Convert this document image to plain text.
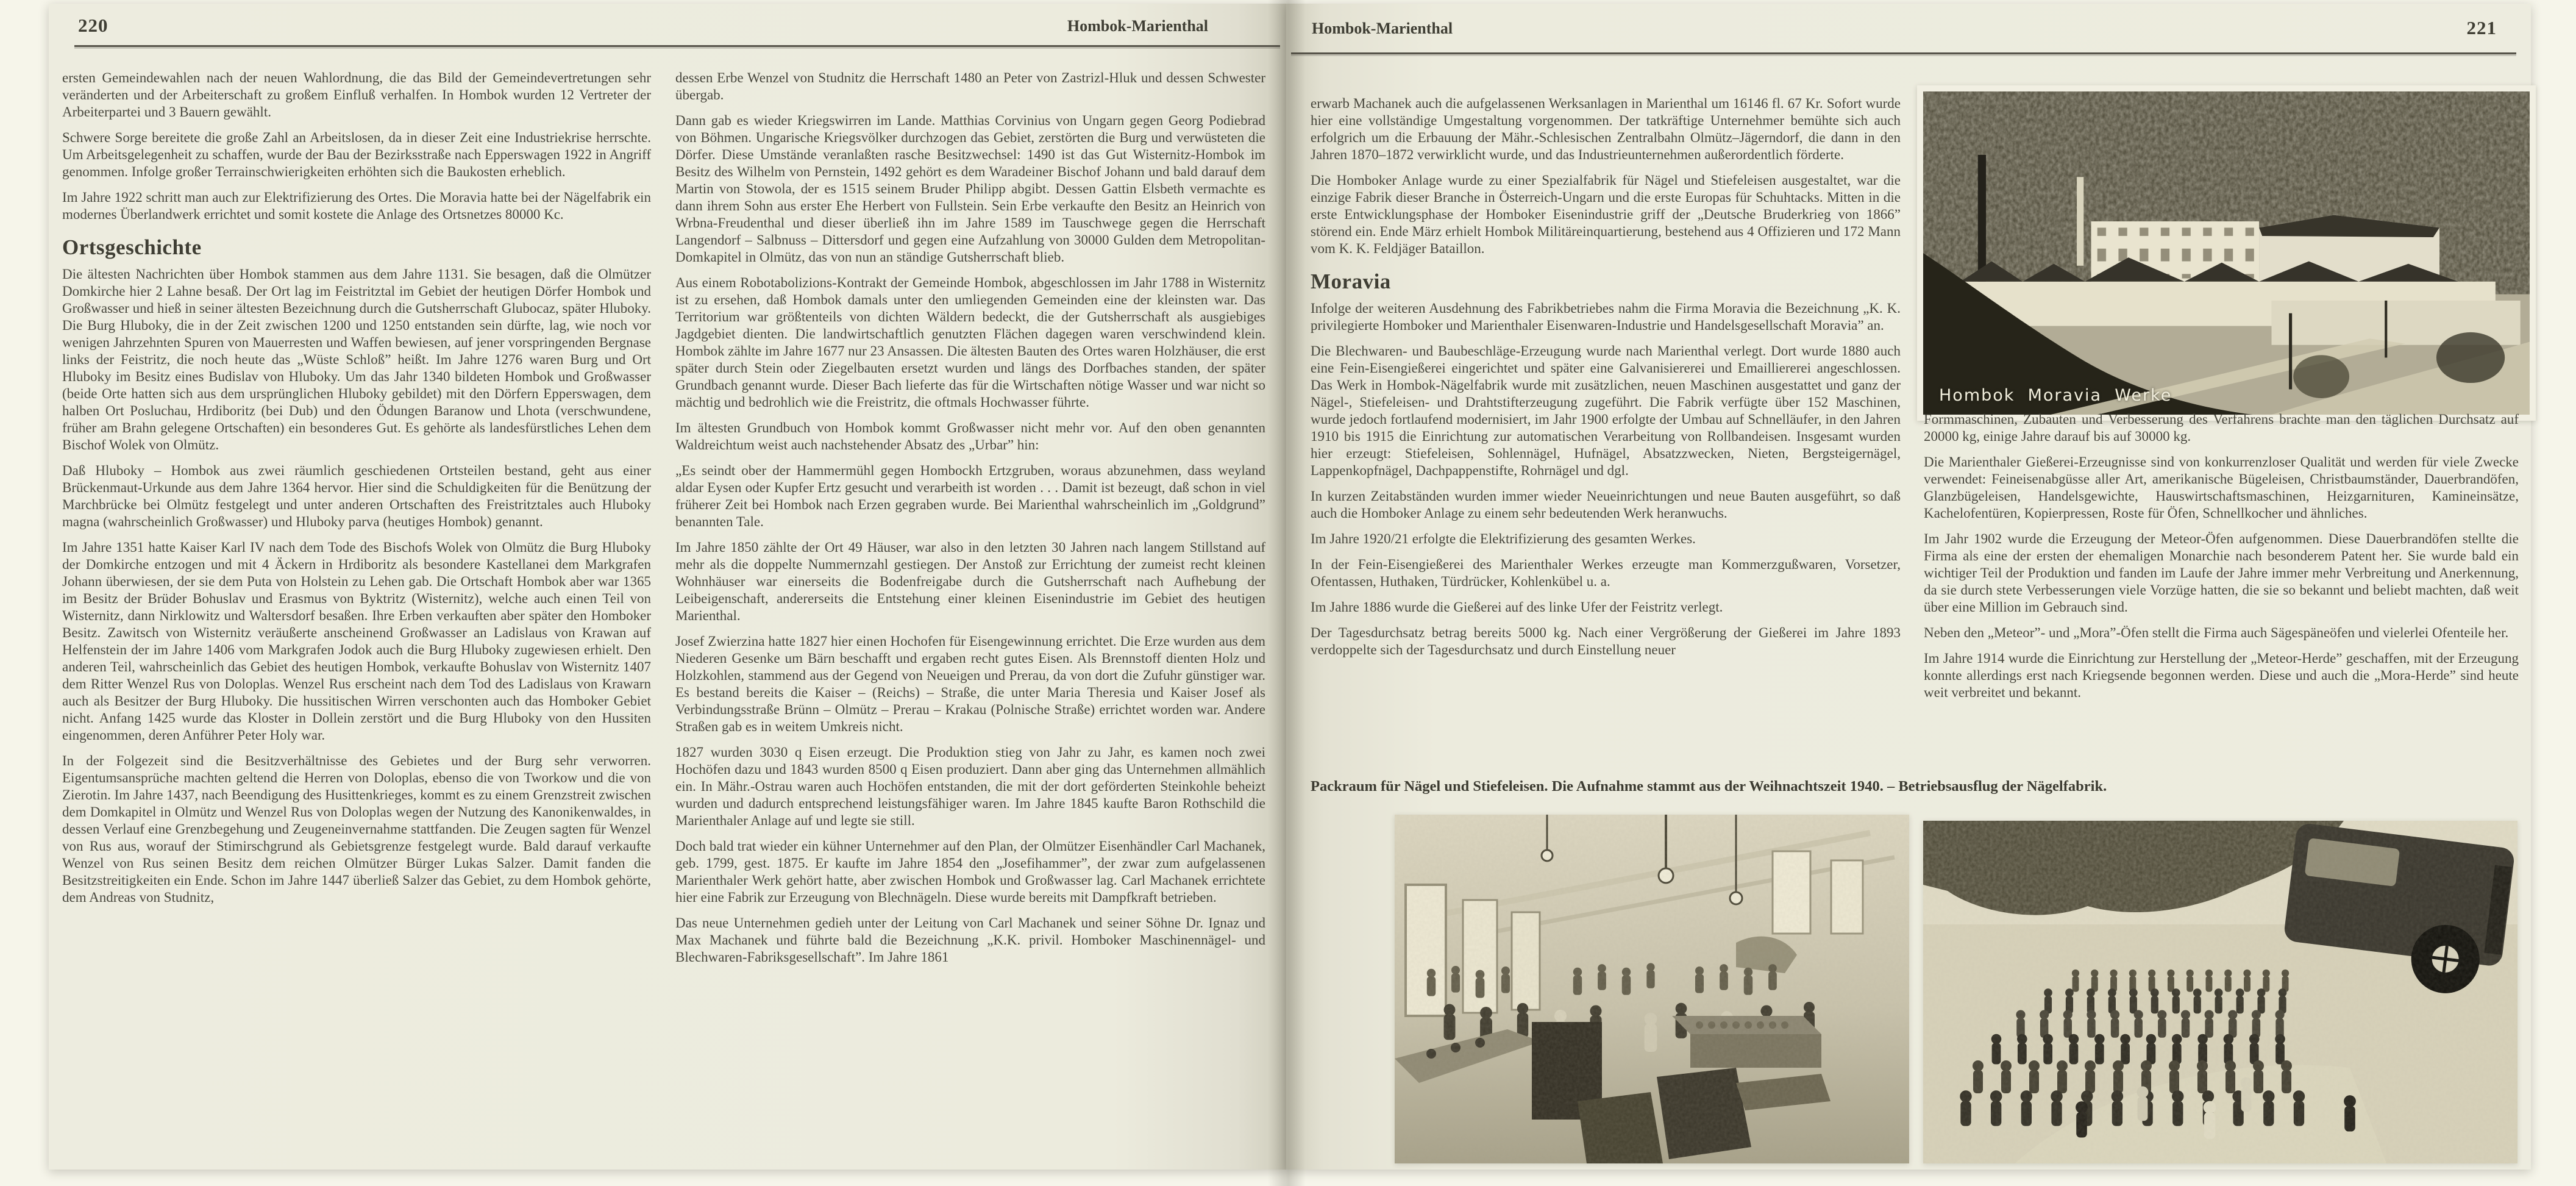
220	Hombok-Marienthal

ersten Gemeindewahlen nach der neuen Wahlordnung, die das Bild der Gemeindevertretungen sehr veränderten und der Arbeiterschaft zu großem Einfluß verhalfen. In Hombok wurden 12 Vertreter der Arbeiterpartei und 3 Bauern gewählt.

Schwere Sorge bereitete die große Zahl an Arbeitslosen, da in dieser Zeit eine Industriekrise herrschte. Um Arbeitsgelegenheit zu schaffen, wurde der Bau der Bezirksstraße nach Epperswagen 1922 in Angriff genommen. Infolge großer Terrainschwierigkeiten erhöhten sich die Baukosten erheblich.

Im Jahre 1922 schritt man auch zur Elektrifizierung des Ortes. Die Moravia hatte bei der Nägelfabrik ein modernes Überlandwerk errichtet und somit kostete die Anlage des Ortsnetzes 80000 Kc.

Ortsgeschichte

Die ältesten Nachrichten über Hombok stammen aus dem Jahre 1131. Sie besagen, daß die Olmützer Domkirche hier 2 Lahne besaß. Der Ort lag im Feistritztal im Gebiet der heutigen Dörfer Hombok und Großwasser und hieß in seiner ältesten Bezeichnung durch die Gutsherrschaft Glubocaz, später Hluboky. Die Burg Hluboky, die in der Zeit zwischen 1200 und 1250 entstanden sein dürfte, lag, wie noch vor wenigen Jahrzehnten Spuren von Mauerresten und Waffen bewiesen, auf jener vorspringenden Bergnase links der Feistritz, die noch heute das „Wüste Schloß” heißt. Im Jahre 1276 waren Burg und Ort Hluboky im Besitz eines Budislav von Hluboky. Um das Jahr 1340 bildeten Hombok und Großwasser (beide Orte hatten sich aus dem ursprünglichen Hluboky gebildet) mit den Dörfern Epperswagen, dem halben Ort Posluchau, Hrdiboritz (bei Dub) und den Ödungen Baranow und Lhota (verschwundene, früher am Brahn gelegene Ortschaften) ein besonderes Gut. Es gehörte als landesfürstliches Lehen dem Bischof Wolek von Olmütz.

Daß Hluboky – Hombok aus zwei räumlich geschiedenen Ortsteilen bestand, geht aus einer Brückenmaut-Urkunde aus dem Jahre 1364 hervor. Hier sind die Schuldigkeiten für die Benützung der Marchbrücke bei Olmütz festgelegt und unter anderen Ortschaften des Freistritztales auch Hluboky magna (wahrscheinlich Großwasser) und Hluboky parva (heutiges Hombok) genannt.

Im Jahre 1351 hatte Kaiser Karl IV nach dem Tode des Bischofs Wolek von Olmütz die Burg Hluboky der Domkirche entzogen und mit 4 Äckern in Hrdiboritz als besondere Kastellanei dem Markgrafen Johann überwiesen, der sie dem Puta von Holstein zu Lehen gab. Die Ortschaft Hombok aber war 1365 im Besitz der Brüder Bohuslav und Erasmus von Byktritz (Wisternitz), welche auch einen Teil von Wisternitz, dann Nirklowitz und Waltersdorf besaßen. Ihre Erben verkauften aber später den Homboker Besitz. Zawitsch von Wisternitz veräußerte anscheinend Großwasser an Ladislaus von Krawan auf Helfenstein der im Jahre 1406 vom Markgrafen Jodok auch die Burg Hluboky zugewiesen erhielt. Den anderen Teil, wahrscheinlich das Gebiet des heutigen Hombok, verkaufte Bohuslav von Wisternitz 1407 dem Ritter Wenzel Rus von Doloplas. Wenzel Rus erscheint nach dem Tod des Ladislaus von Krawarn auch als Besitzer der Burg Hluboky. Die hussitischen Wirren verschonten auch das Homboker Gebiet nicht. Anfang 1425 wurde das Kloster in Dollein zerstört und die Burg Hluboky von den Hussiten eingenommen, deren Anführer Peter Holy war.

In der Folgezeit sind die Besitzverhältnisse des Gebietes und der Burg sehr verworren. Eigentumsansprüche machten geltend die Herren von Doloplas, ebenso die von Tworkow und die von Zierotin. Im Jahre 1437, nach Beendigung des Husittenkrieges, kommt es zu einem Grenzstreit zwischen dem Domkapitel in Olmütz und Wenzel Rus von Doloplas wegen der Nutzung des Kanonikenwaldes, in dessen Verlauf eine Grenzbegehung und Zeugeneinvernahme stattfanden. Die Zeugen sagten für Wenzel von Rus aus, worauf der Stimirschgrund als Gebietsgrenze festgelegt wurde. Bald darauf verkaufte Wenzel von Rus seinen Besitz dem reichen Olmützer Bürger Lukas Salzer. Damit fanden die Besitzstreitigkeiten ein Ende. Schon im Jahre 1447 überließ Salzer das Gebiet, zu dem Hombok gehörte, dem Andreas von Studnitz,

dessen Erbe Wenzel von Studnitz die Herrschaft 1480 an Peter von Zastrizl-Hluk und dessen Schwester übergab.

Dann gab es wieder Kriegswirren im Lande. Matthias Corvinius von Ungarn gegen Georg Podiebrad von Böhmen. Ungarische Kriegsvölker durchzogen das Gebiet, zerstörten die Burg und verwüsteten die Dörfer. Diese Umstände veranlaßten rasche Besitzwechsel: 1490 ist das Gut Wisternitz-Hombok im Besitz des Wilhelm von Pernstein, 1492 gehört es dem Waradeiner Bischof Johann und bald darauf dem Martin von Stowola, der es 1515 seinem Bruder Philipp abgibt. Dessen Gattin Elsbeth vermachte es dann ihrem Sohn aus erster Ehe Herbert von Fullstein. Sein Erbe verkaufte den Besitz an Heinrich von Wrbna-Freudenthal und dieser überließ ihn im Jahre 1589 im Tauschwege gegen die Herrschaft Langendorf – Salbnuss – Dittersdorf und gegen eine Aufzahlung von 30000 Gulden dem Metropolitan-Domkapitel in Olmütz, das von nun an ständige Gutsherrschaft blieb.

Aus einem Robotabolizions-Kontrakt der Gemeinde Hombok, abgeschlossen im Jahr 1788 in Wisternitz ist zu ersehen, daß Hombok damals unter den umliegenden Gemeinden eine der kleinsten war. Das Territorium war größtenteils von dichten Wäldern bedeckt, die der Gutsherrschaft als ausgiebiges Jagdgebiet dienten. Die landwirtschaftlich genutzten Flächen dagegen waren verschwindend klein. Hombok zählte im Jahre 1677 nur 23 Ansassen. Die ältesten Bauten des Ortes waren Holzhäuser, die erst später durch Stein oder Ziegelbauten ersetzt wurden und längs des Dorfbaches standen, der später Grundbach genannt wurde. Dieser Bach lieferte das für die Wirtschaften nötige Wasser und war nicht so mächtig und bedrohlich wie die Freistritz, die oftmals Hochwasser führte.

Im ältesten Grundbuch von Hombok kommt Großwasser nicht mehr vor. Auf den oben genannten Waldreichtum weist auch nachstehender Absatz des „Urbar” hin:

„Es seindt ober der Hammermühl gegen Hombockh Ertzgruben, woraus abzunehmen, dass weyland aldar Eysen oder Kupfer Ertz gesucht und verarbeith ist worden . . . Damit ist bezeugt, daß schon in viel früherer Zeit bei Hombok nach Erzen gegraben wurde. Bei Marienthal wahrscheinlich im „Goldgrund” benannten Tale.

Im Jahre 1850 zählte der Ort 49 Häuser, war also in den letzten 30 Jahren nach langem Stillstand auf mehr als die doppelte Nummernzahl gestiegen. Der Anstoß zur Errichtung der zumeist recht kleinen Wohnhäuser war einerseits die Bodenfreigabe durch die Gutsherrschaft nach Aufhebung der Leibeigenschaft, andererseits die Entstehung einer kleinen Eisenindustrie im Gebiet des heutigen Marienthal.

Josef Zwierzina hatte 1827 hier einen Hochofen für Eisengewinnung errichtet. Die Erze wurden aus dem Niederen Gesenke um Bärn beschafft und ergaben recht gutes Eisen. Als Brennstoff dienten Holz und Holzkohlen, stammend aus der Gegend von Neueigen und Prerau, da von dort die Zufuhr günstiger war. Es bestand bereits die Kaiser – (Reichs) – Straße, die unter Maria Theresia und Kaiser Josef als Verbindungsstraße Brünn – Olmütz – Prerau – Krakau (Polnische Straße) errichtet worden war. Andere Straßen gab es in weitem Umkreis nicht.

1827 wurden 3030 q Eisen erzeugt. Die Produktion stieg von Jahr zu Jahr, es kamen noch zwei Hochöfen dazu und 1843 wurden 8500 q Eisen produziert. Dann aber ging das Unternehmen allmählich ein. In Mähr.-Ostrau waren auch Hochöfen entstanden, die mit der dort geförderten Steinkohle beheizt wurden und dadurch entsprechend leistungsfähiger waren. Im Jahre 1845 kaufte Baron Rothschild die Marienthaler Anlage auf und legte sie still.

Doch bald trat wieder ein kühner Unternehmer auf den Plan, der Olmützer Eisenhändler Carl Machanek, geb. 1799, gest. 1875. Er kaufte im Jahre 1854 den „Josefihammer”, der zwar zum aufgelassenen Marienthaler Werk gehört hatte, aber zwischen Hombok und Großwasser lag. Carl Machanek errichtete hier eine Fabrik zur Erzeugung von Blechnägeln. Diese wurde bereits mit Dampfkraft betrieben.

Das neue Unternehmen gedieh unter der Leitung von Carl Machanek und seiner Söhne Dr. Ignaz und Max Machanek und führte bald die Bezeichnung „K.K. privil. Homboker Maschinennägel- und Blechwaren-Fabriksgesellschaft”. Im Jahre 1861

Hombok-Marienthal	221

erwarb Machanek auch die aufgelassenen Werksanlagen in Marienthal um 16146 fl. 67 Kr. Sofort wurde hier eine vollständige Umgestaltung vorgenommen. Der tatkräftige Unternehmer bemühte sich auch erfolgrich um die Erbauung der Mähr.-Schlesischen Zentralbahn Olmütz–Jägerndorf, die dann in den Jahren 1870–1872 verwirklicht wurde, und das Industrieunternehmen außerordentlich förderte.

Die Homboker Anlage wurde zu einer Spezialfabrik für Nägel und Stiefeleisen ausgestaltet, war die einzige Fabrik dieser Branche in Österreich-Ungarn und die erste Europas für Schuhtacks. Mitten in die erste Entwicklungsphase der Homboker Eisenindustrie griff der „Deutsche Bruderkrieg von 1866” störend ein. Ende März erhielt Hombok Militäreinquartierung, bestehend aus 4 Offizieren und 172 Mann vom K. K. Feldjäger Bataillon.

Moravia

Infolge der weiteren Ausdehnung des Fabrikbetriebes nahm die Firma Moravia die Bezeichnung „K. K. privilegierte Homboker und Marienthaler Eisenwaren-Industrie und Handelsgesellschaft Moravia” an.

Die Blechwaren- und Baubeschläge-Erzeugung wurde nach Marienthal verlegt. Dort wurde 1880 auch eine Fein-Eisengießerei eingerichtet und später eine Galvanisiererei und Emailliererei angeschlossen. Das Werk in Hombok-Nägelfabrik wurde mit zusätzlichen, neuen Maschinen ausgestattet und ganz der Nägel-, Stiefeleisen- und Drahtstifterzeugung zugeführt. Die Fabrik verfügte über 152 Maschinen, wurde jedoch fortlaufend modernisiert, im Jahr 1900 erfolgte der Umbau auf Schnelläufer, in den Jahren 1910 bis 1915 die Einrichtung zur automatischen Verarbeitung von Rollbandeisen. Insgesamt wurden hier erzeugt: Stiefeleisen, Sohlennägel, Hufnägel, Absatzzwecken, Nieten, Bergsteigernägel, Lappenkopfnägel, Dachpappenstifte, Rohrnägel und dgl.

In kurzen Zeitabständen wurden immer wieder Neueinrichtungen und neue Bauten ausgeführt, so daß auch die Homboker Anlage zu einem sehr bedeutenden Werk heranwuchs.

Im Jahre 1920/21 erfolgte die Elektrifizierung des gesamten Werkes.

In der Fein-Eisengießerei des Marienthaler Werkes erzeugte man Kommerzgußwaren, Vorsetzer, Ofentassen, Huthaken, Türdrücker, Kohlenkübel u. a.

Im Jahre 1886 wurde die Gießerei auf des linke Ufer der Feistritz verlegt.

Der Tagesdurchsatz betrag bereits 5000 kg. Nach einer Vergrößerung der Gießerei im Jahre 1893 verdoppelte sich der Tagesdurchsatz und durch Einstellung neuer

Packraum für Nägel und Stiefeleisen. Die Aufnahme stammt aus der Weihnachtszeit 1940. – Betriebsausflug der Nägelfabrik.
Hombok  Moravia  Werke

Formmaschinen, Zubauten und Verbesserung des Verfahrens brachte man den täglichen Durchsatz auf 20000 kg, einige Jahre darauf bis auf 30000 kg.

Die Marienthaler Gießerei-Erzeugnisse sind von konkurrenzloser Qualität und werden für viele Zwecke verwendet: Feineisenabgüsse aller Art, amerikanische Bügeleisen, Christbaumständer, Dauerbrandöfen, Glanzbügeleisen, Handelsgewichte, Hauswirtschaftsmaschinen, Heizgarnituren, Kamineinsätze, Kachelofentüren, Kopierpressen, Roste für Öfen, Schnellkocher und ähnliches.

Im Jahr 1902 wurde die Erzeugung der Meteor-Öfen aufgenommen. Diese Dauerbrandöfen stellte die Firma als eine der ersten der ehemaligen Monarchie nach besonderem Patent her. Sie wurde bald ein wichtiger Teil der Produktion und fanden im Laufe der Jahre immer mehr Verbreitung und Anerkennung, da sie durch stete Verbesserungen viele Vorzüge hatten, die sie so bekannt und beliebt machten, daß weit über eine Million im Gebrauch sind.

Neben den „Meteor”- und „Mora”-Öfen stellt die Firma auch Sägespäneöfen und vielerlei Ofenteile her.

Im Jahre 1914 wurde die Einrichtung zur Herstellung der „Meteor-Herde” geschaffen, mit der Erzeugung konnte allerdings erst nach Kriegsende begonnen werden. Diese und auch die „Mora-Herde” sind heute weit verbreitet und bekannt.
